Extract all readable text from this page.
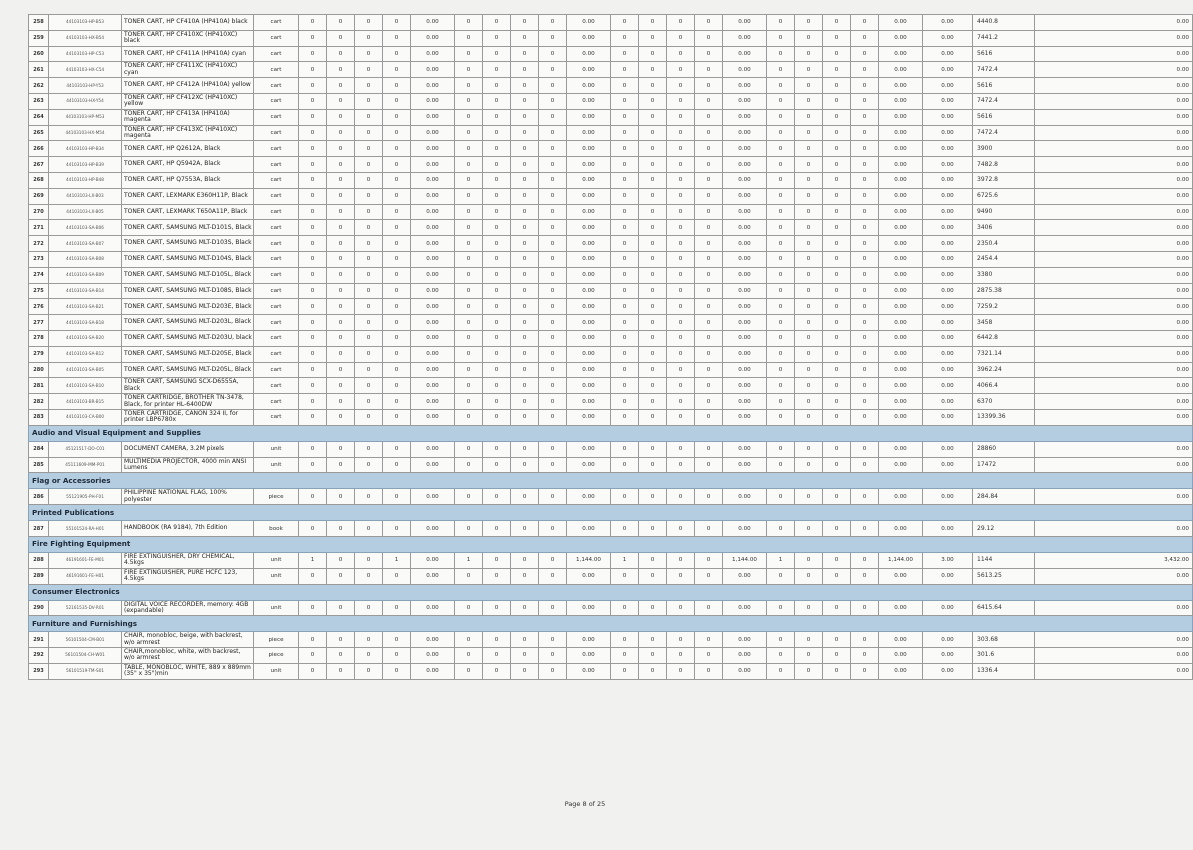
258	44103103-HP-B53	TONER CART, HP CF410A (HP410A) black	cart	0	0	0	0	0.00	0	0	0	0	0.00	0	0	0	0	0.00	0	0	0	0	0.00	0.00	4440.8	0.00
259	44103103-HX-B54	TONER CART, HP CF410XC (HP410XC) black	cart	0	0	0	0	0.00	0	0	0	0	0.00	0	0	0	0	0.00	0	0	0	0	0.00	0.00	7441.2	0.00
260	44103103-HP-C53	TONER CART, HP CF411A (HP410A) cyan	cart	0	0	0	0	0.00	0	0	0	0	0.00	0	0	0	0	0.00	0	0	0	0	0.00	0.00	5616	0.00
261	44103103-HX-C54	TONER CART, HP CF411XC (HP410XC) cyan	cart	0	0	0	0	0.00	0	0	0	0	0.00	0	0	0	0	0.00	0	0	0	0	0.00	0.00	7472.4	0.00
262	44103103-HP-Y53	TONER CART, HP CF412A (HP410A) yellow	cart	0	0	0	0	0.00	0	0	0	0	0.00	0	0	0	0	0.00	0	0	0	0	0.00	0.00	5616	0.00
263	44103103-HX-Y54	TONER CART, HP CF412XC (HP410XC) yellow	cart	0	0	0	0	0.00	0	0	0	0	0.00	0	0	0	0	0.00	0	0	0	0	0.00	0.00	7472.4	0.00
264	44103103-HP-M53	TONER CART, HP CF413A (HP410A) magenta	cart	0	0	0	0	0.00	0	0	0	0	0.00	0	0	0	0	0.00	0	0	0	0	0.00	0.00	5616	0.00
265	44103103-HX-M54	TONER CART, HP CF413XC (HP410XC) magenta	cart	0	0	0	0	0.00	0	0	0	0	0.00	0	0	0	0	0.00	0	0	0	0	0.00	0.00	7472.4	0.00
266	44103103-HP-B34	TONER CART, HP Q2612A, Black	cart	0	0	0	0	0.00	0	0	0	0	0.00	0	0	0	0	0.00	0	0	0	0	0.00	0.00	3900	0.00
267	44103103-HP-B39	TONER CART, HP Q5942A, Black	cart	0	0	0	0	0.00	0	0	0	0	0.00	0	0	0	0	0.00	0	0	0	0	0.00	0.00	7482.8	0.00
268	44103103-HP-B48	TONER CART, HP Q7553A, Black	cart	0	0	0	0	0.00	0	0	0	0	0.00	0	0	0	0	0.00	0	0	0	0	0.00	0.00	3972.8	0.00
269	44103103-LX-B03	TONER CART, LEXMARK E360H11P, Black	cart	0	0	0	0	0.00	0	0	0	0	0.00	0	0	0	0	0.00	0	0	0	0	0.00	0.00	6725.6	0.00
270	44103103-LX-B05	TONER CART, LEXMARK T650A11P, Black	cart	0	0	0	0	0.00	0	0	0	0	0.00	0	0	0	0	0.00	0	0	0	0	0.00	0.00	9490	0.00
271	44103103-SA-B06	TONER CART, SAMSUNG MLT-D101S, Black	cart	0	0	0	0	0.00	0	0	0	0	0.00	0	0	0	0	0.00	0	0	0	0	0.00	0.00	3406	0.00
272	44103103-SA-B07	TONER CART, SAMSUNG MLT-D103S, Black	cart	0	0	0	0	0.00	0	0	0	0	0.00	0	0	0	0	0.00	0	0	0	0	0.00	0.00	2350.4	0.00
273	44103103-SA-B08	TONER CART, SAMSUNG MLT-D104S, Black	cart	0	0	0	0	0.00	0	0	0	0	0.00	0	0	0	0	0.00	0	0	0	0	0.00	0.00	2454.4	0.00
274	44103103-SA-B09	TONER CART, SAMSUNG MLT-D105L, Black	cart	0	0	0	0	0.00	0	0	0	0	0.00	0	0	0	0	0.00	0	0	0	0	0.00	0.00	3380	0.00
275	44103103-SA-B14	TONER CART, SAMSUNG MLT-D108S, Black	cart	0	0	0	0	0.00	0	0	0	0	0.00	0	0	0	0	0.00	0	0	0	0	0.00	0.00	2875.38	0.00
276	44103103-SA-B21	TONER CART, SAMSUNG MLT-D203E, Black	cart	0	0	0	0	0.00	0	0	0	0	0.00	0	0	0	0	0.00	0	0	0	0	0.00	0.00	7259.2	0.00
277	44103103-SA-B18	TONER CART, SAMSUNG MLT-D203L, Black	cart	0	0	0	0	0.00	0	0	0	0	0.00	0	0	0	0	0.00	0	0	0	0	0.00	0.00	3458	0.00
278	44103103-SA-B20	TONER CART, SAMSUNG MLT-D203U, black	cart	0	0	0	0	0.00	0	0	0	0	0.00	0	0	0	0	0.00	0	0	0	0	0.00	0.00	6442.8	0.00
279	44103103-SA-B12	TONER CART, SAMSUNG MLT-D205E, Black	cart	0	0	0	0	0.00	0	0	0	0	0.00	0	0	0	0	0.00	0	0	0	0	0.00	0.00	7321.14	0.00
280	44103103-SA-B05	TONER CART, SAMSUNG MLT-D205L, Black	cart	0	0	0	0	0.00	0	0	0	0	0.00	0	0	0	0	0.00	0	0	0	0	0.00	0.00	3962.24	0.00
281	44103103-SA-B10	TONER CART, SAMSUNG SCX-D6555A, Black	cart	0	0	0	0	0.00	0	0	0	0	0.00	0	0	0	0	0.00	0	0	0	0	0.00	0.00	4066.4	0.00
282	44103103-BR-B15	TONER CARTRIDGE, BROTHER TN-3478, Black, for printer HL-6400DW	cart	0	0	0	0	0.00	0	0	0	0	0.00	0	0	0	0	0.00	0	0	0	0	0.00	0.00	6370	0.00
283	44103103-CA-B00	TONER CARTRIDGE, CANON 324 II, for printer LBP6780x	cart	0	0	0	0	0.00	0	0	0	0	0.00	0	0	0	0	0.00	0	0	0	0	0.00	0.00	13399.36	0.00
Audio and Visual Equipment and Supplies																										
284	45121517-DO-C01	DOCUMENT CAMERA, 3.2M pixels	unit	0	0	0	0	0.00	0	0	0	0	0.00	0	0	0	0	0.00	0	0	0	0	0.00	0.00	28860	0.00
285	45111609-MM-P01	MULTIMEDIA PROJECTOR, 4000 min ANSI Lumens	unit	0	0	0	0	0.00	0	0	0	0	0.00	0	0	0	0	0.00	0	0	0	0	0.00	0.00	17472	0.00
Flag or Accessories																										
286	55121905-PH-F01	PHILIPPINE NATIONAL FLAG, 100% polyester	piece	0	0	0	0	0.00	0	0	0	0	0.00	0	0	0	0	0.00	0	0	0	0	0.00	0.00	284.84	0.00
Printed Publications																										
287	55101524-RA-H01	HANDBOOK (RA 9184), 7th Edition	book	0	0	0	0	0.00	0	0	0	0	0.00	0	0	0	0	0.00	0	0	0	0	0.00	0.00	29.12	0.00
Fire Fighting Equipment																										
288	46191601-FE-M01	FIRE EXTINGUISHER, DRY CHEMICAL, 4.5kgs	unit	1	0	0	1	0.00	1	0	0	0	1,144.00	1	0	0	0	1,144.00	1	0	0	0	1,144.00	3.00	1144	3,432.00
289	46191601-FE-H01	FIRE EXTINGUISHER, PURE HCFC 123, 4.5kgs	unit	0	0	0	0	0.00	0	0	0	0	0.00	0	0	0	0	0.00	0	0	0	0	0.00	0.00	5613.25	0.00
Consumer Electronics																										
290	52161535-DV-R01	DIGITAL VOICE RECORDER, memory: 4GB (expandable)	unit	0	0	0	0	0.00	0	0	0	0	0.00	0	0	0	0	0.00	0	0	0	0	0.00	0.00	6415.64	0.00
Furniture and Furnishings																										
291	56101504-CM-B01	CHAIR, monobloc, beige, with backrest, w/o armrest	piece	0	0	0	0	0.00	0	0	0	0	0.00	0	0	0	0	0.00	0	0	0	0	0.00	0.00	303.68	0.00
292	56101504-CH-W01	CHAIR,monobloc, white, with backrest, w/o armrest	piece	0	0	0	0	0.00	0	0	0	0	0.00	0	0	0	0	0.00	0	0	0	0	0.00	0.00	301.6	0.00
293	56101519-TM-S01	TABLE, MONOBLOC, WHITE, 889 x 889mm (35" x 35")min	unit	0	0	0	0	0.00	0	0	0	0	0.00	0	0	0	0	0.00	0	0	0	0	0.00	0.00	1336.4	0.00
Page 8 of 25
